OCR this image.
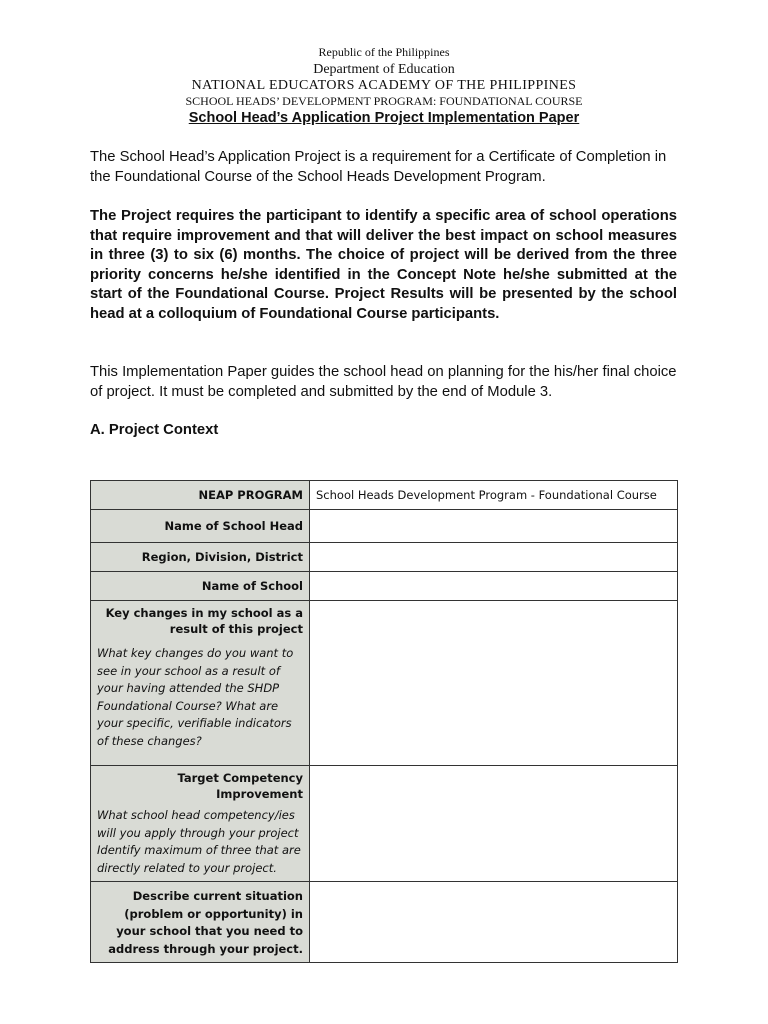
Republic of the Philippines
Department of Education
NATIONAL EDUCATORS ACADEMY OF THE PHILIPPINES
SCHOOL HEADS’ DEVELOPMENT PROGRAM: FOUNDATIONAL COURSE
School Head’s Application Project Implementation Paper
The School Head’s Application Project is a requirement for a Certificate of Completion in the Foundational Course of the School Heads Development Program.
The Project requires the participant to identify a specific area of school operations that require improvement and that will deliver the best impact on school measures in three (3) to six (6) months. The choice of project will be derived from the three priority concerns he/she identified in the Concept Note he/she submitted at the start of the Foundational Course. Project Results will be presented by the school head at a colloquium of Foundational Course participants.
This Implementation Paper guides the school head on planning for the his/her final choice of project. It must be completed and submitted by the end of Module 3.
A. Project Context
NEAP PROGRAM	School Heads Development Program - Foundational Course
Name of School Head	
Region, Division, District	
Name of School	

Key changes in my school as a result of this project
What key changes do you want to see in your school as a result of your having attended the SHDP Foundational Course? What are your specific, verifiable indicators of these changes?	

Target Competency Improvement
What school head competency/ies will you apply through your project Identify maximum of three that are directly related to your project.	

Describe current situation (problem or opportunity) in your school that you need to address through your project.	
